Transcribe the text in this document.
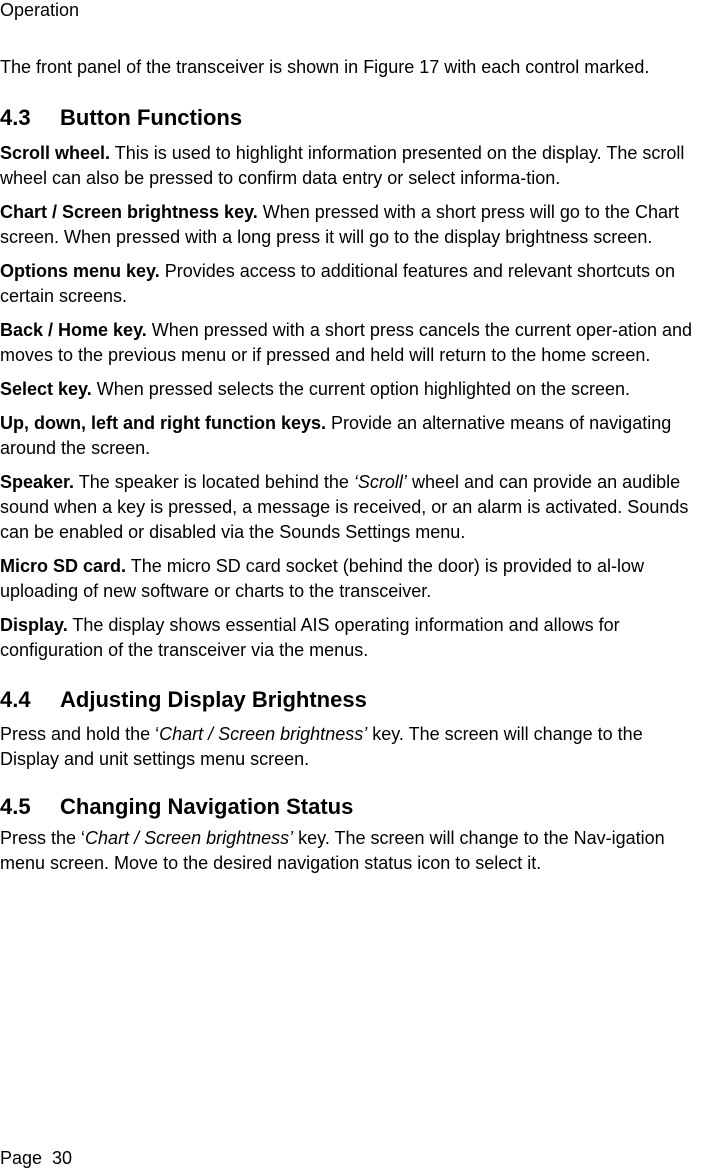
Operation

The front panel of the transceiver is shown in Figure 17 with each control marked.

4.3	Button Functions

Scroll wheel. This is used to highlight information presented on the display. The scroll wheel can also be pressed to confirm data entry or select informa-tion.

Chart / Screen brightness key. When pressed with a short press will go to the Chart screen. When pressed with a long press it will go to the display brightness screen.

Options menu key. Provides access to additional features and relevant shortcuts on certain screens.

Back / Home key. When pressed with a short press cancels the current oper-ation and moves to the previous menu or if pressed and held will return to the home screen.

Select key. When pressed selects the current option highlighted on the screen.

Up, down, left and right function keys. Provide an alternative means of navigating around the screen.

Speaker. The speaker is located behind the ‘Scroll’ wheel and can provide an audible sound when a key is pressed, a message is received, or an alarm is activated. Sounds can be enabled or disabled via the Sounds Settings menu.

Micro SD card. The micro SD card socket (behind the door) is provided to al-low uploading of new software or charts to the transceiver.

Display. The display shows essential AIS operating information and allows for configuration of the transceiver via the menus.

4.4	Adjusting Display Brightness

Press and hold the ‘Chart / Screen brightness’ key. The screen will change to the Display and unit settings menu screen.

4.5	Changing Navigation Status

Press the ‘Chart / Screen brightness’ key. The screen will change to the Nav-igation menu screen. Move to the desired navigation status icon to select it.

Page  30
